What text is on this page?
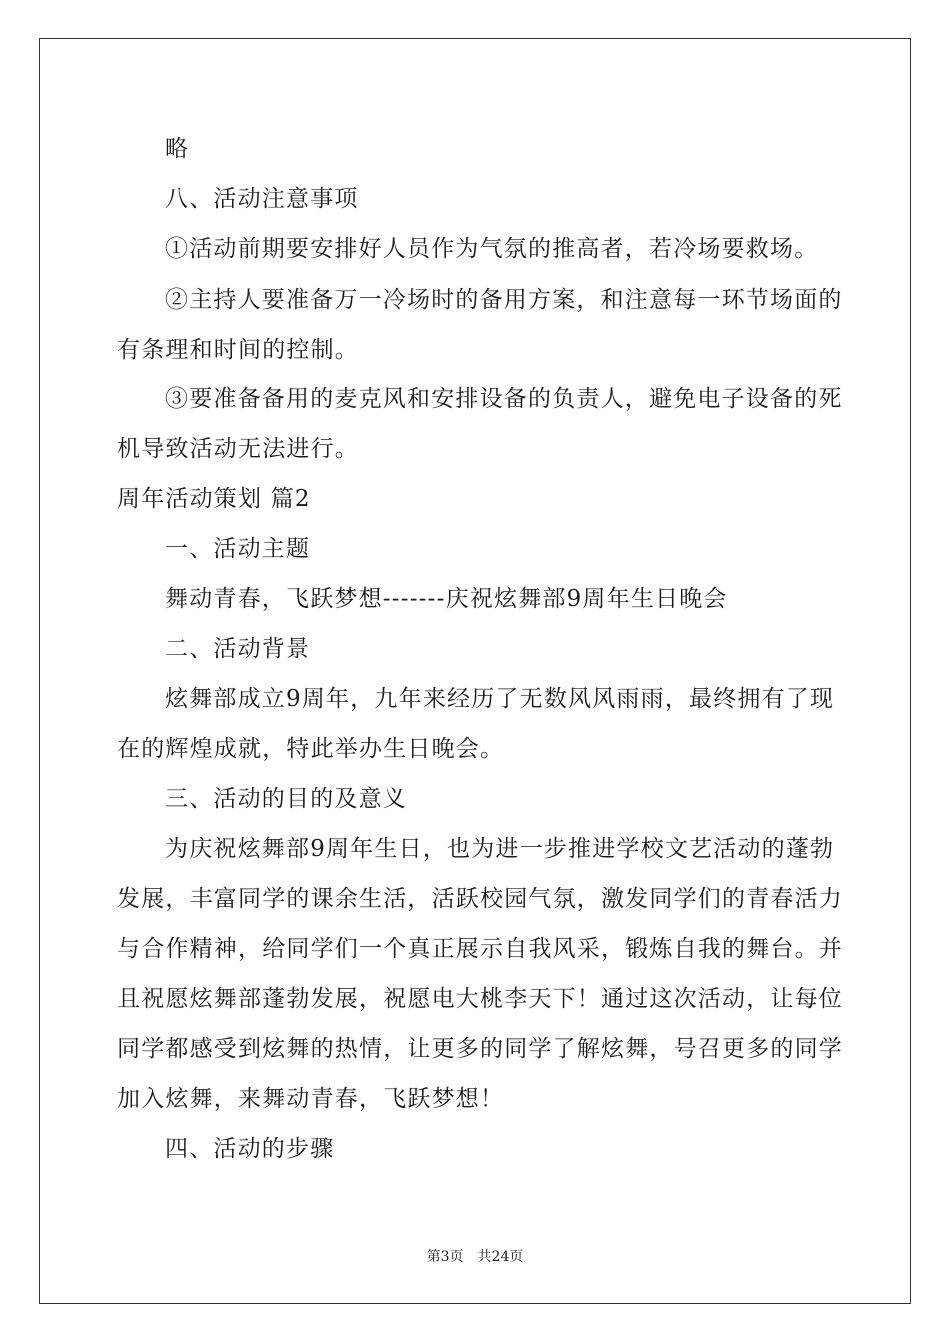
略
八、活动注意事项
①活动前期要安排好人员作为气氛的推高者，若冷场要救场。
②主持人要准备万一冷场时的备用方案，和注意每一环节场面的
有条理和时间的控制。
③要准备备用的麦克风和安排设备的负责人，避免电子设备的死
机导致活动无法进行。
周年活动策划 篇2
一、活动主题
舞动青春，飞跃梦想-------庆祝炫舞部9周年生日晚会
二、活动背景
炫舞部成立9周年，九年来经历了无数风风雨雨，最终拥有了现
在的辉煌成就，特此举办生日晚会。
三、活动的目的及意义
为庆祝炫舞部9周年生日，也为进一步推进学校文艺活动的蓬勃
发展，丰富同学的课余生活，活跃校园气氛，激发同学们的青春活力
与合作精神，给同学们一个真正展示自我风采，锻炼自我的舞台。并
且祝愿炫舞部蓬勃发展，祝愿电大桃李天下！通过这次活动，让每位
同学都感受到炫舞的热情，让更多的同学了解炫舞，号召更多的同学
加入炫舞，来舞动青春，飞跃梦想！
四、活动的步骤
第3页 共24页
